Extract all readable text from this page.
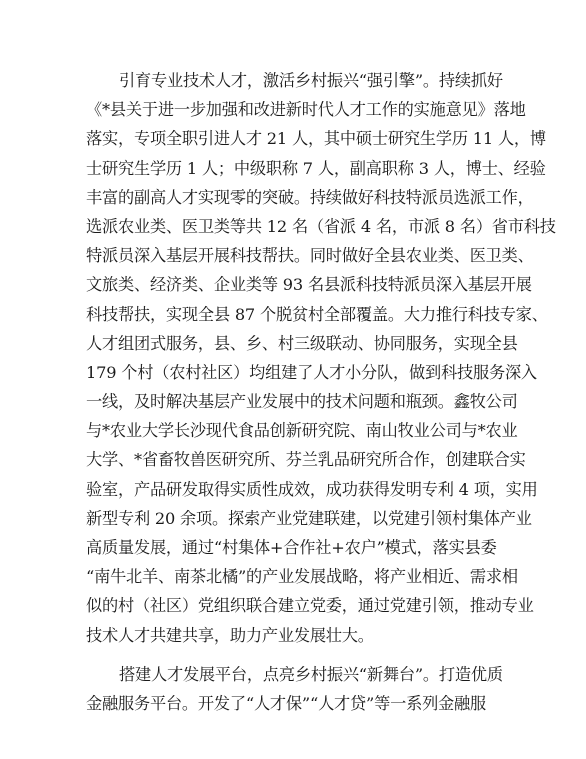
引育专业技术人才，激活乡村振兴“强引擎”。持续抓好
《*县关于进一步加强和改进新时代人才工作的实施意见》落地
落实，专项全职引进人才 21 人，其中硕士研究生学历 11 人，博
士研究生学历 1 人；中级职称 7 人，副高职称 3 人，博士、经验
丰富的副高人才实现零的突破。持续做好科技特派员选派工作，
选派农业类、医卫类等共 12 名（省派 4 名，市派 8 名）省市科技
特派员深入基层开展科技帮扶。同时做好全县农业类、医卫类、
文旅类、经济类、企业类等 93 名县派科技特派员深入基层开展
科技帮扶，实现全县 87 个脱贫村全部覆盖。大力推行科技专家、
人才组团式服务，县、乡、村三级联动、协同服务，实现全县
179 个村（农村社区）均组建了人才小分队，做到科技服务深入
一线，及时解决基层产业发展中的技术问题和瓶颈。鑫牧公司
与*农业大学长沙现代食品创新研究院、南山牧业公司与*农业
大学、*省畜牧兽医研究所、芬兰乳品研究所合作，创建联合实
验室，产品研发取得实质性成效，成功获得发明专利 4 项，实用
新型专利 20 余项。探索产业党建联建，以党建引领村集体产业
高质量发展，通过“村集体+合作社+农户”模式，落实县委
“南牛北羊、南茶北橘”的产业发展战略，将产业相近、需求相
似的村（社区）党组织联合建立党委，通过党建引领，推动专业
技术人才共建共享，助力产业发展壮大。
搭建人才发展平台，点亮乡村振兴“新舞台”。打造优质
金融服务平台。开发了“人才保”“人才贷”等一系列金融服
